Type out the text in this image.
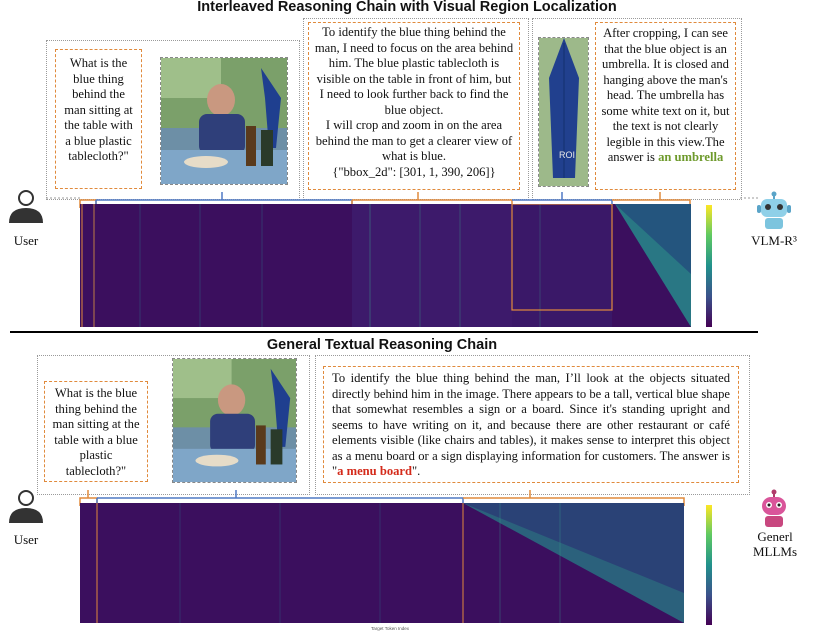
Interleaved Reasoning Chain with Visual Region Localization
What is the blue thing behind the man sitting at the table with a blue plastic tablecloth?"
To identify the blue thing behind the man, I need to focus on the area behind him. The blue plastic tablecloth is visible on the table in front of him, but I need to look further back to find the blue object.
I will crop and zoom in on the area behind the man to get a clearer view of what is blue.
{"bbox_2d": [301, 1, 390, 206]}
ROI
After cropping, I can see that the blue object is an umbrella. It is closed and hanging above the man's head. The umbrella has some white text on it, but the text is not clearly legible in this view.The answer is an umbrella
User	VLM-R³
General Textual Reasoning Chain
What is the blue thing behind the man sitting at the table with a blue plastic tablecloth?"
To identify the blue thing behind the man, I’ll look at the objects situated directly behind him in the image. There appears to be a tall, vertical blue shape that somewhat resembles a sign or a board. Since it's standing upright and seems to have writing on it, and because there are other restaurant or café elements visible (like chairs and tables), it makes sense to interpret this object as a menu board or a sign displaying information for customers. The answer is "a menu board".
User	Generl
MLLMs
Target Token Index
